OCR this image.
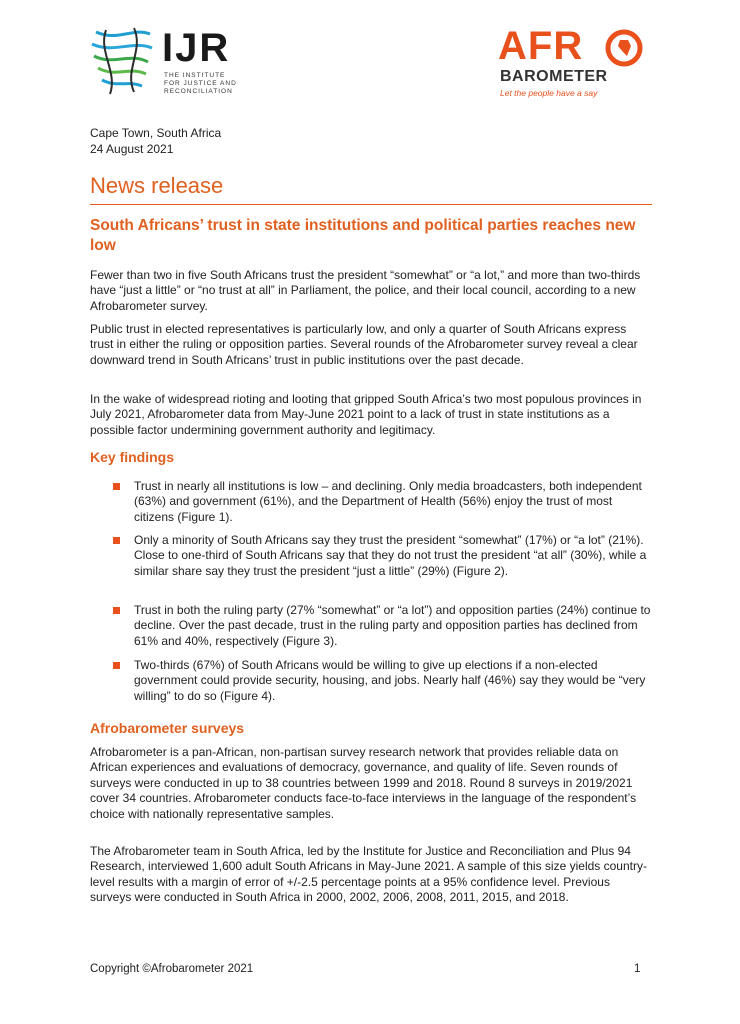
IJR
THE INSTITUTE
FOR JUSTICE AND
RECONCILIATION
AFR
BAROMETER
Let the people have a say
Cape Town, South Africa
24 August 2021
News release
South Africans’ trust in state institutions and political parties reaches new low

Fewer than two in five South Africans trust the president “somewhat” or “a lot,” and more than two-thirds have “just a little” or “no trust at all” in Parliament, the police, and their local council, according to a new Afrobarometer survey.

Public trust in elected representatives is particularly low, and only a quarter of South Africans express trust in either the ruling or opposition parties. Several rounds of the Afrobarometer survey reveal a clear downward trend in South Africans’ trust in public institutions over the past decade.

In the wake of widespread rioting and looting that gripped South Africa’s two most populous provinces in July 2021, Afrobarometer data from May-June 2021 point to a lack of trust in state institutions as a possible factor undermining government authority and legitimacy.

Key findings

Trust in nearly all institutions is low – and declining. Only media broadcasters, both independent (63%) and government (61%), and the Department of Health (56%) enjoy the trust of most citizens (Figure 1).

Only a minority of South Africans say they trust the president “somewhat” (17%) or “a lot” (21%). Close to one-third of South Africans say that they do not trust the president “at all” (30%), while a similar share say they trust the president “just a little” (29%) (Figure 2).

Trust in both the ruling party (27% “somewhat” or “a lot”) and opposition parties (24%) continue to decline. Over the past decade, trust in the ruling party and opposition parties has declined from 61% and 40%, respectively (Figure 3).

Two-thirds (67%) of South Africans would be willing to give up elections if a non-elected government could provide security, housing, and jobs. Nearly half (46%) say they would be “very willing” to do so (Figure 4).

Afrobarometer surveys

Afrobarometer is a pan-African, non-partisan survey research network that provides reliable data on African experiences and evaluations of democracy, governance, and quality of life. Seven rounds of surveys were conducted in up to 38 countries between 1999 and 2018. Round 8 surveys in 2019/2021 cover 34 countries. Afrobarometer conducts face-to-face interviews in the language of the respondent’s choice with nationally representative samples.

The Afrobarometer team in South Africa, led by the Institute for Justice and Reconciliation and Plus 94 Research, interviewed 1,600 adult South Africans in May-June 2021. A sample of this size yields country-level results with a margin of error of +/-2.5 percentage points at a 95% confidence level. Previous surveys were conducted in South Africa in 2000, 2002, 2006, 2008, 2011, 2015, and 2018.

Copyright ©Afrobarometer 2021	1
